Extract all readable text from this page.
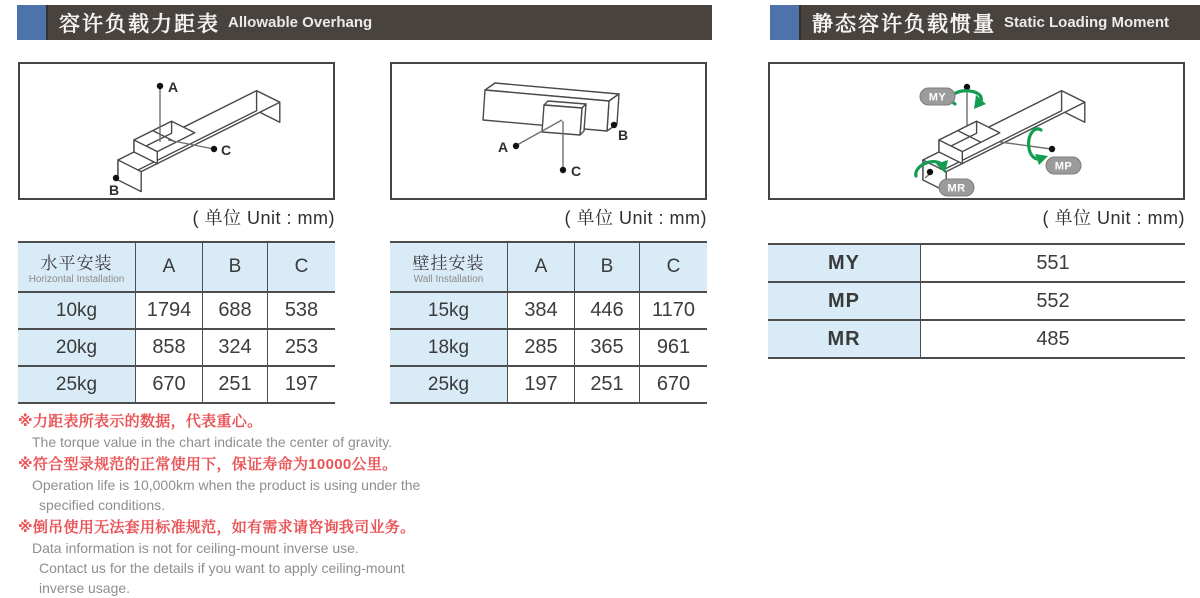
容许负载力距表 Allowable Overhang	静态容许负载惯量 Static Loading Moment
A
C
B
( 单位 Unit : mm)
A
C
B
( 单位 Unit : mm)
MY
MP
MR
( 单位 Unit : mm)
水平安装
Horizontal Installation
A	B	C
10kg	1794	688	538
20kg	858	324	253
25kg	670	251	197
壁挂安装
Wall Installation
A	B	C
15kg	384	446	1170
18kg	285	365	961
25kg	197	251	670
MY	551
MP	552
MR	485
※力距表所表示的数据，代表重心。
The torque value in the chart indicate the center of gravity.
※符合型录规范的正常使用下，保证寿命为10000公里。
Operation life is 10,000km when the product is using under the
specified conditions.
※倒吊使用无法套用标准规范，如有需求请咨询我司业务。
Data information is not for ceiling-mount inverse use.
Contact us for the details if you want to apply ceiling-mount
inverse usage.
